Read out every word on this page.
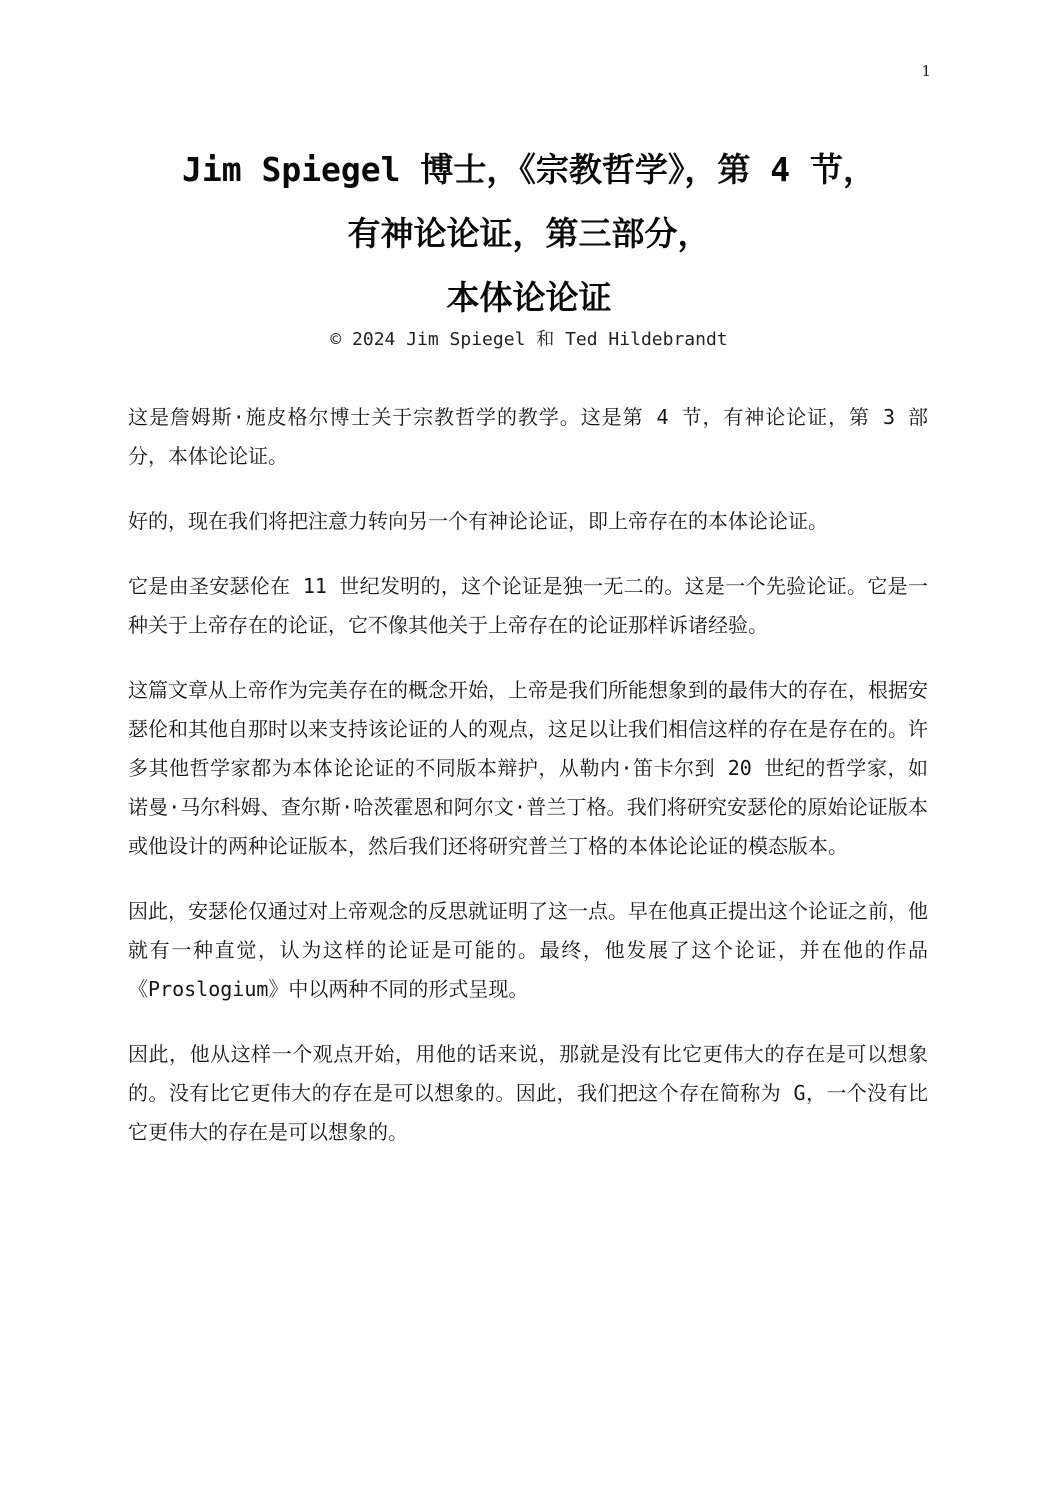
1
Jim Spiegel 博士，《宗教哲学》，第 4 节，
有神论论证，第三部分，
本体论论证
© 2024 Jim Spiegel 和 Ted Hildebrandt

这是詹姆斯·施皮格尔博士关于宗教哲学的教学。这是第 4 节，有神论论证，第 3 部分，本体论论证。

好的，现在我们将把注意力转向另一个有神论论证，即上帝存在的本体论论证。

它是由圣安瑟伦在 11 世纪发明的，这个论证是独一无二的。这是一个先验论证。它是一种关于上帝存在的论证，它不像其他关于上帝存在的论证那样诉诸经验。

这篇文章从上帝作为完美存在的概念开始，上帝是我们所能想象到的最伟大的存在，根据安瑟伦和其他自那时以来支持该论证的人的观点，这足以让我们相信这样的存在是存在的。许多其他哲学家都为本体论论证的不同版本辩护，从勒内·笛卡尔到 20 世纪的哲学家，如诺曼·马尔科姆、查尔斯·哈茨霍恩和阿尔文·普兰丁格。我们将研究安瑟伦的原始论证版本或他设计的两种论证版本，然后我们还将研究普兰丁格的本体论论证的模态版本。

因此，安瑟伦仅通过对上帝观念的反思就证明了这一点。早在他真正提出这个论证之前，他就有一种直觉，认为这样的论证是可能的。最终，他发展了这个论证，并在他的作品《Proslogium》中以两种不同的形式呈现。

因此，他从这样一个观点开始，用他的话来说，那就是没有比它更伟大的存在是可以想象的。没有比它更伟大的存在是可以想象的。因此，我们把这个存在简称为 G，一个没有比它更伟大的存在是可以想象的。
